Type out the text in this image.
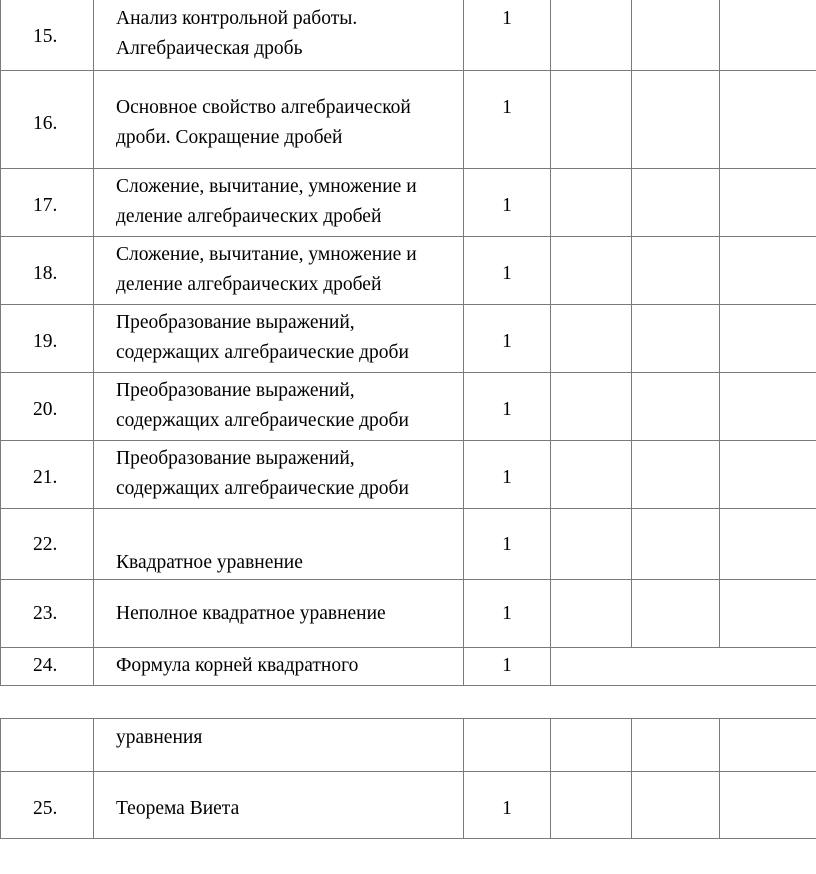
15.	Анализ контрольной работы. Алгебраическая дробь	1			

16.	Основное свойство алгебраической дроби. Сокращение дробей	1			

17.	Сложение, вычитание, умножение и деление алгебраических дробей	1			

18.	Сложение, вычитание, умножение и деление алгебраических дробей	1			

19.	Преобразование выражений, содержащих алгебраические дроби	1			

20.	Преобразование выражений, содержащих алгебраические дроби	1			

21.	Преобразование выражений, содержащих алгебраические дроби	1			

22.	Квадратное уравнение	1			

23.	Неполное квадратное уравнение	1			

24.	Формула корней квадратного	1			

	уравнения				

25.	Теорема Виета	1			
